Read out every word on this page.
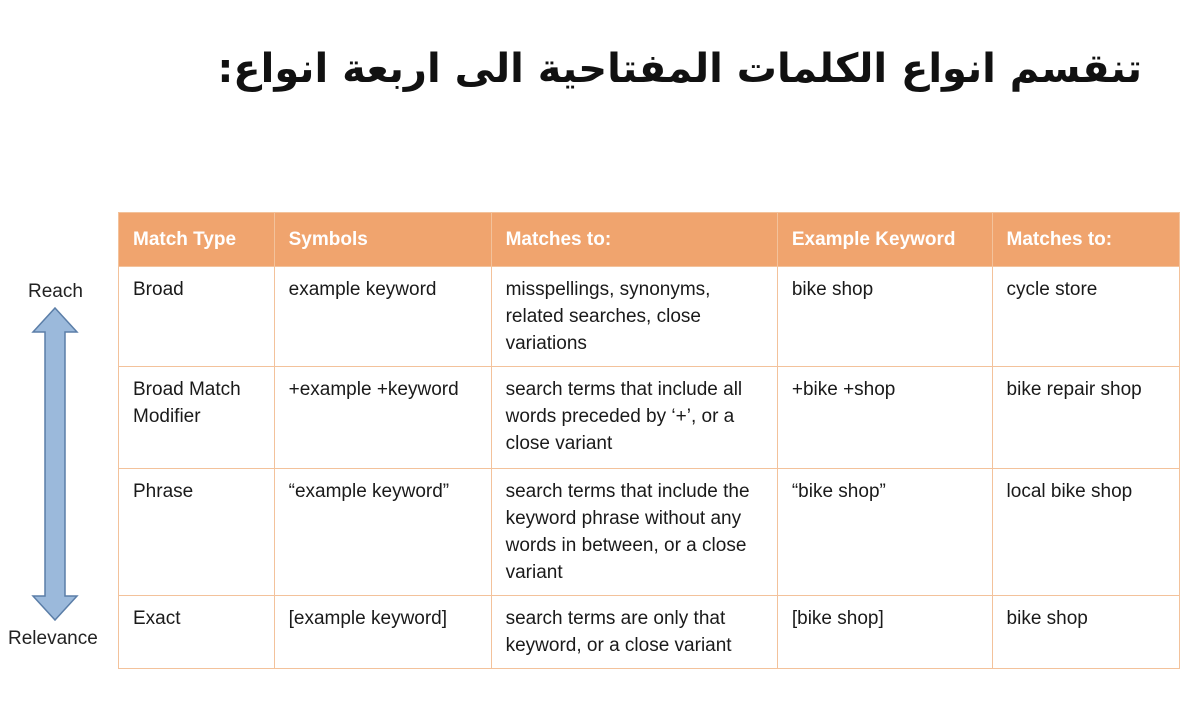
تنقسم انواع الكلمات المفتاحية الى اربعة انواع:
Reach
Relevance
Match Type	Symbols	Matches to:	Example Keyword	Matches to:
Broad	example keyword	misspellings, synonyms, related searches, close variations	bike shop	cycle store
Broad Match Modifier	+example +keyword	search terms that include all words preceded by ‘+’, or a close variant	+bike +shop	bike repair shop
Phrase	“example keyword”	search terms that include the keyword phrase without any words in between, or a close variant	“bike shop”	local bike shop
Exact	[example keyword]	search terms are only that keyword, or a close variant	[bike shop]	bike shop
